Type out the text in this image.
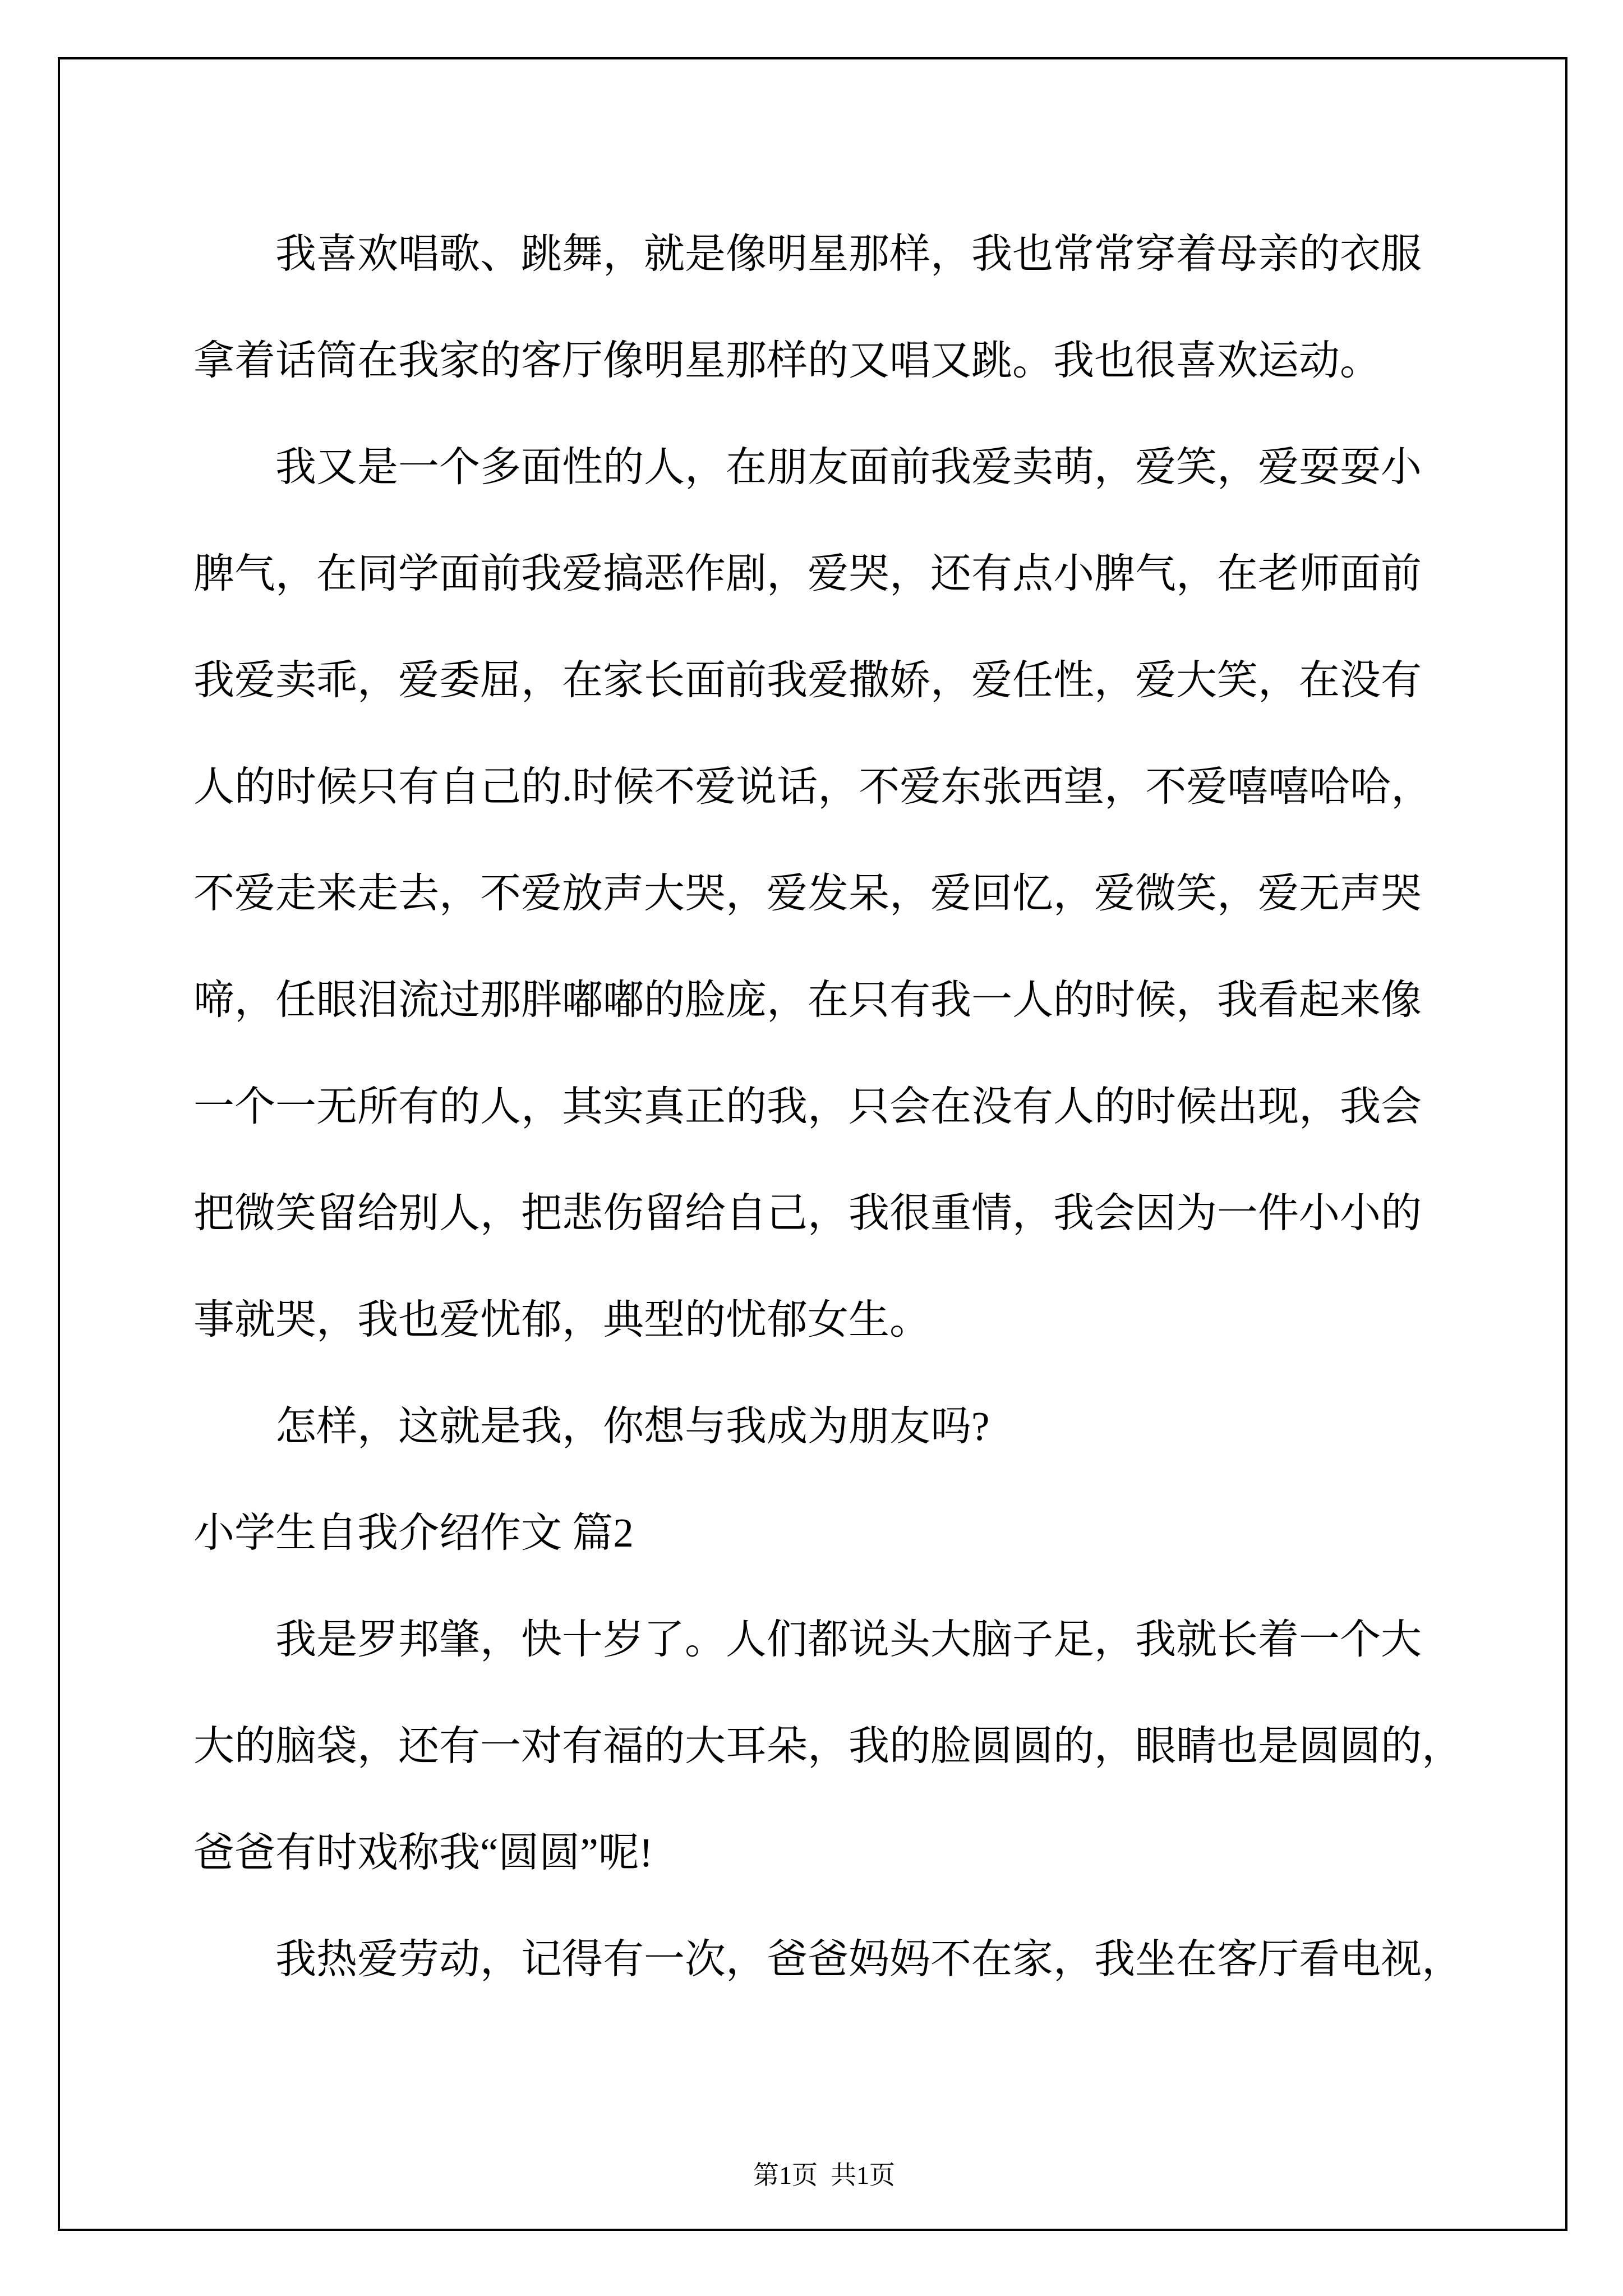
我喜欢唱歌、跳舞，就是像明星那样，我也常常穿着母亲的衣服
拿着话筒在我家的客厅像明星那样的又唱又跳。我也很喜欢运动。
我又是一个多面性的人，在朋友面前我爱卖萌，爱笑，爱耍耍小
脾气，在同学面前我爱搞恶作剧，爱哭，还有点小脾气，在老师面前
我爱卖乖，爱委屈，在家长面前我爱撒娇，爱任性，爱大笑，在没有
人的时候只有自己的.时候不爱说话，不爱东张西望，不爱嘻嘻哈哈，
不爱走来走去，不爱放声大哭，爱发呆，爱回忆，爱微笑，爱无声哭
啼，任眼泪流过那胖嘟嘟的脸庞，在只有我一人的时候，我看起来像
一个一无所有的人，其实真正的我，只会在没有人的时候出现，我会
把微笑留给别人，把悲伤留给自己，我很重情，我会因为一件小小的
事就哭，我也爱忧郁，典型的忧郁女生。
怎样，这就是我，你想与我成为朋友吗?
小学生自我介绍作文 篇2
我是罗邦肇，快十岁了。人们都说头大脑子足，我就长着一个大
大的脑袋，还有一对有福的大耳朵，我的脸圆圆的，眼睛也是圆圆的，
爸爸有时戏称我“圆圆”呢!
我热爱劳动，记得有一次，爸爸妈妈不在家，我坐在客厅看电视，

第1页  共1页
